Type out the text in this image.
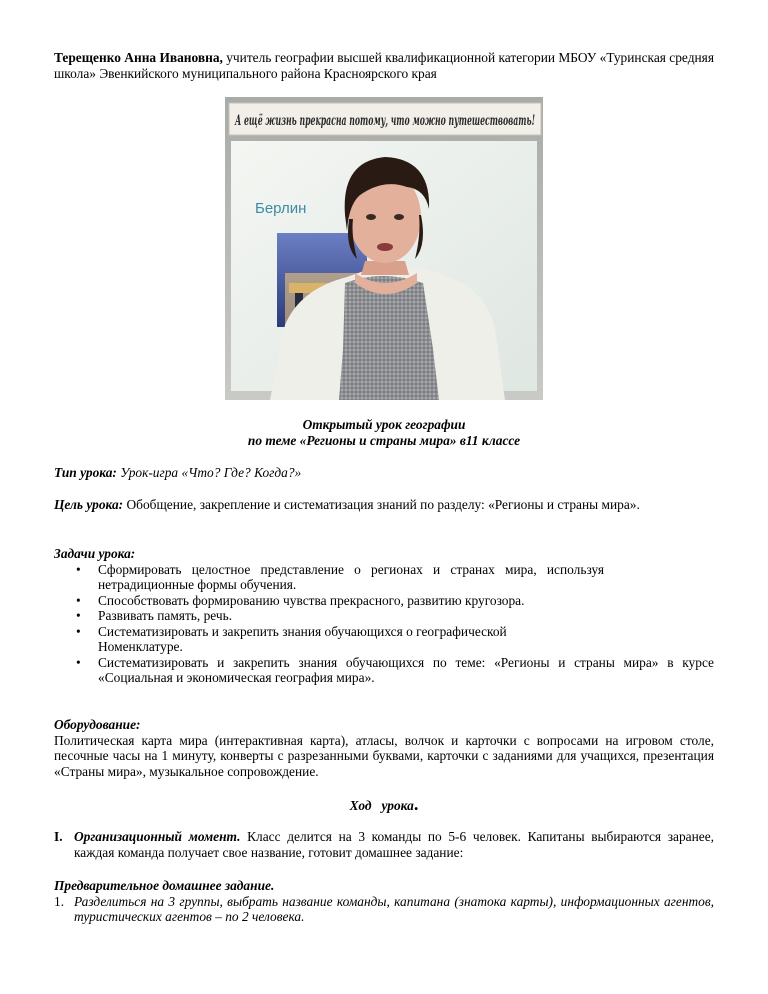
Терещенко Анна Ивановна, учитель географии высшей квалификационной категории МБОУ «Туринская средняя школа» Эвенкийского муниципального района Красноярского края
А ещё жизнь прекрасна потому, что можно путешествовать!
Берлин
Открытый урок географии
по теме «Регионы и страны мира» в11 классе
Тип урока: Урок-игра «Что? Где? Когда?»
Цель урока: Обобщение, закрепление и систематизация знаний по разделу: «Регионы и страны мира».
Задачи урока:
• Сформировать целостное представление о регионах и странах мира, используя нетрадиционные формы обучения.
• Способствовать формированию чувства прекрасного, развитию кругозора.
• Развивать память, речь.
• Систематизировать и закрепить знания обучающихся о географической Номенклатуре.
• Систематизировать и закрепить знания обучающихся по теме: «Регионы и страны мира» в курсе «Социальная и экономическая география мира».
Оборудование:
Политическая карта мира (интерактивная карта), атласы, волчок и карточки с вопросами на игровом столе, песочные часы на 1 минуту, конверты с разрезанными буквами, карточки с заданиями для учащихся, презентация «Страны мира», музыкальное сопровождение.
Ход   урока.
I. Организационный момент. Класс делится на 3 команды по 5-6 человек. Капитаны выбираются заранее, каждая команда получает свое название, готовит домашнее задание:
Предварительное домашнее задание.
1. Разделиться на 3 группы, выбрать название команды, капитана (знатока карты), информационных агентов, туристических агентов – по 2 человека.
